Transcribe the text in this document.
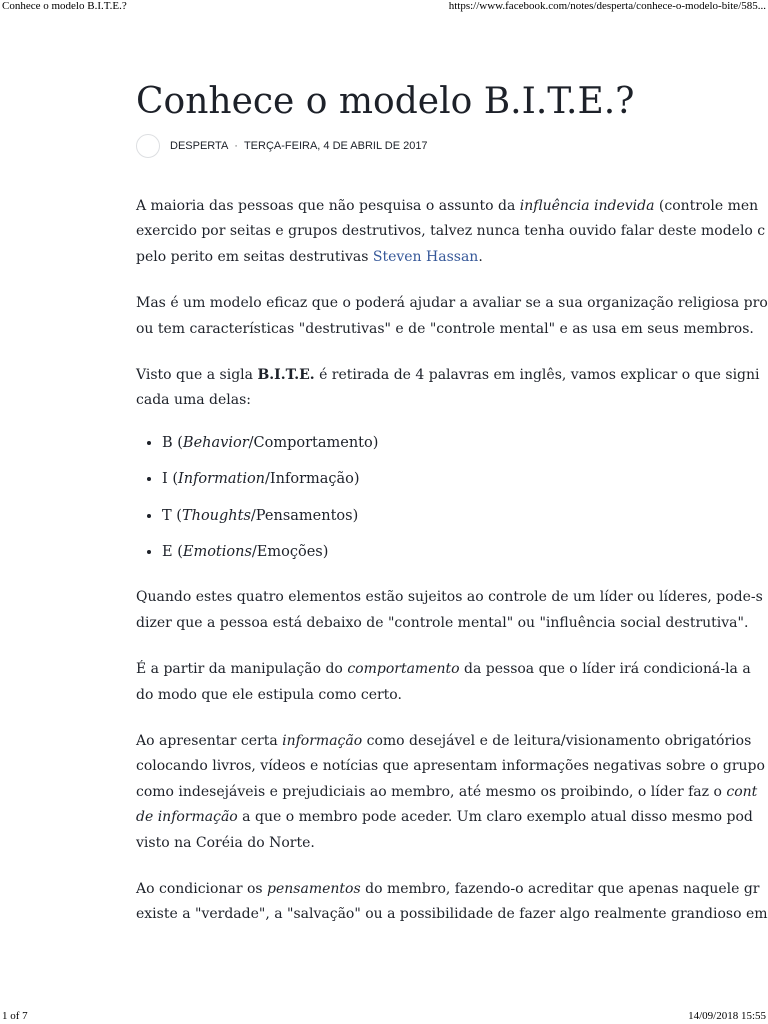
Conhece o modelo B.I.T.E.?	https://www.facebook.com/notes/desperta/conhece-o-modelo-bite/585...
Conhece o modelo B.I.T.E.?
DESPERTA · TERÇA-FEIRA, 4 DE ABRIL DE 2017

A maioria das pessoas que não pesquisa o assunto da influência indevida (controle men
exercido por seitas e grupos destrutivos, talvez nunca tenha ouvido falar deste modelo c
pelo perito em seitas destrutivas Steven Hassan.

Mas é um modelo eficaz que o poderá ajudar a avaliar se a sua organização religiosa pro
ou tem características "destrutivas" e de "controle mental" e as usa em seus membros.

Visto que a sigla B.I.T.E. é retirada de 4 palavras em inglês, vamos explicar o que signi
cada uma delas:

• B (Behavior/Comportamento)
• I (Information/Informação)
• T (Thoughts/Pensamentos)
• E (Emotions/Emoções)

Quando estes quatro elementos estão sujeitos ao controle de um líder ou líderes, pode-s
dizer que a pessoa está debaixo de "controle mental" ou "influência social destrutiva".

É a partir da manipulação do comportamento da pessoa que o líder irá condicioná-la a
do modo que ele estipula como certo.

Ao apresentar certa informação como desejável e de leitura/visionamento obrigatórios
colocando livros, vídeos e notícias que apresentam informações negativas sobre o grupo
como indesejáveis e prejudiciais ao membro, até mesmo os proibindo, o líder faz o cont
de informação a que o membro pode aceder. Um claro exemplo atual disso mesmo pod
visto na Coréia do Norte.

Ao condicionar os pensamentos do membro, fazendo-o acreditar que apenas naquele gr
existe a "verdade", a "salvação" ou a possibilidade de fazer algo realmente grandioso em

1 of 7	14/09/2018 15:55
